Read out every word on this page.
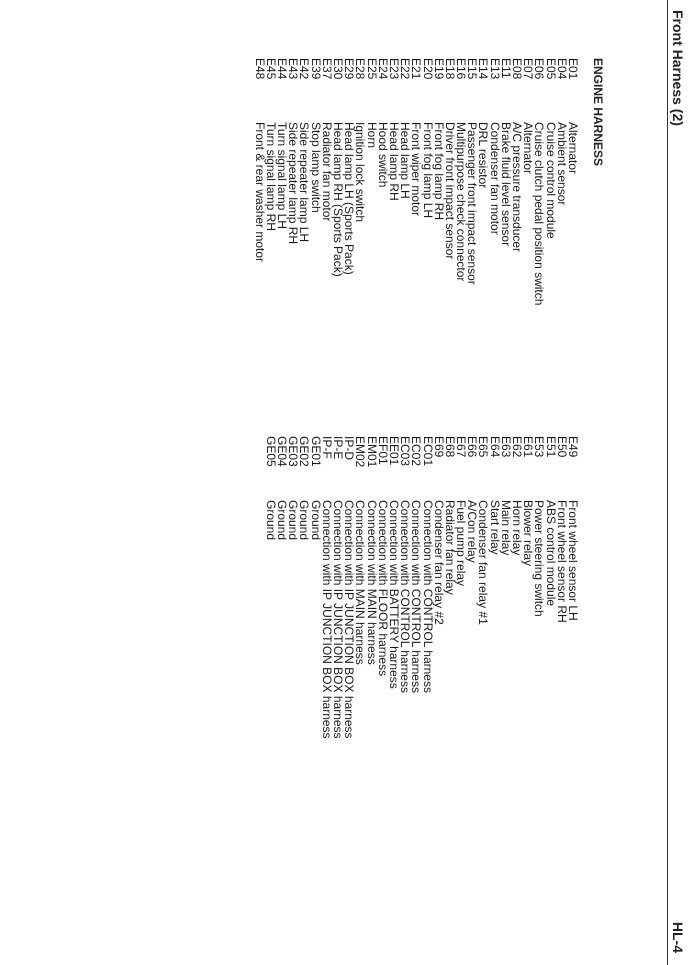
Front Harness (2)
HL-4
ENGINE HARNESS
E01
Alternator
E04
Ambient sensor
E05
Cruise control module
E06
Cruise clutch pedal position switch
E07
Alternator
E08
A/C pressure transducer
E11
Brake fluid level sensor
E13
Condenser fan motor
E14
DRL resistor
E15
Passenger front impact sensor
E16
Multipurpose check connector
E18
Driver front impact sensor
E19
Front fog lamp RH
E20
Front fog lamp LH
E21
Front wiper motor
E22
Head lamp LH
E23
Head lamp RH
E24
Hood switch
E25
Horn
E28
Ignition lock switch
E29
Head lamp LH (Sports Pack)
E30
Head lamp RH (Sports Pack)
E37
Radiator fan motor
E39
Stop lamp switch
E42
Side repeater lamp LH
E43
Side repeater lamp RH
E44
Turn signal lamp LH
E45
Turn signal lamp RH
E48
Front & rear washer motor
E49
Front wheel sensor LH
E50
Front wheel sensor RH
E51
ABS control module
E53
Power steering switch
E61
Blower relay
E62
Horn relay
E63
Main relay
E64
Start relay
E65
Condenser fan relay #1
E66
A/Con relay
E67
Fuel pump relay
E68
Radiator fan relay
E69
Condenser fan relay #2
EC01
Connection with CONTROL harness
EC02
Connection with CONTROL harness
EC03
Connection with CONTROL harness
EE01
Connection with BATTERY harness
EF01
Connection with FLOOR harness
EM01
Connection with MAIN harness
EM02
Connection with MAIN harness
IP-D
Connection with IP JUNCTION BOX harness
IP-E
Connection with IP JUNCTION BOX harness
IP-F
Connection with IP JUNCTION BOX harness
GE01
Ground
GE02
Ground
GE03
Ground
GE04
Ground
GE05
Ground
